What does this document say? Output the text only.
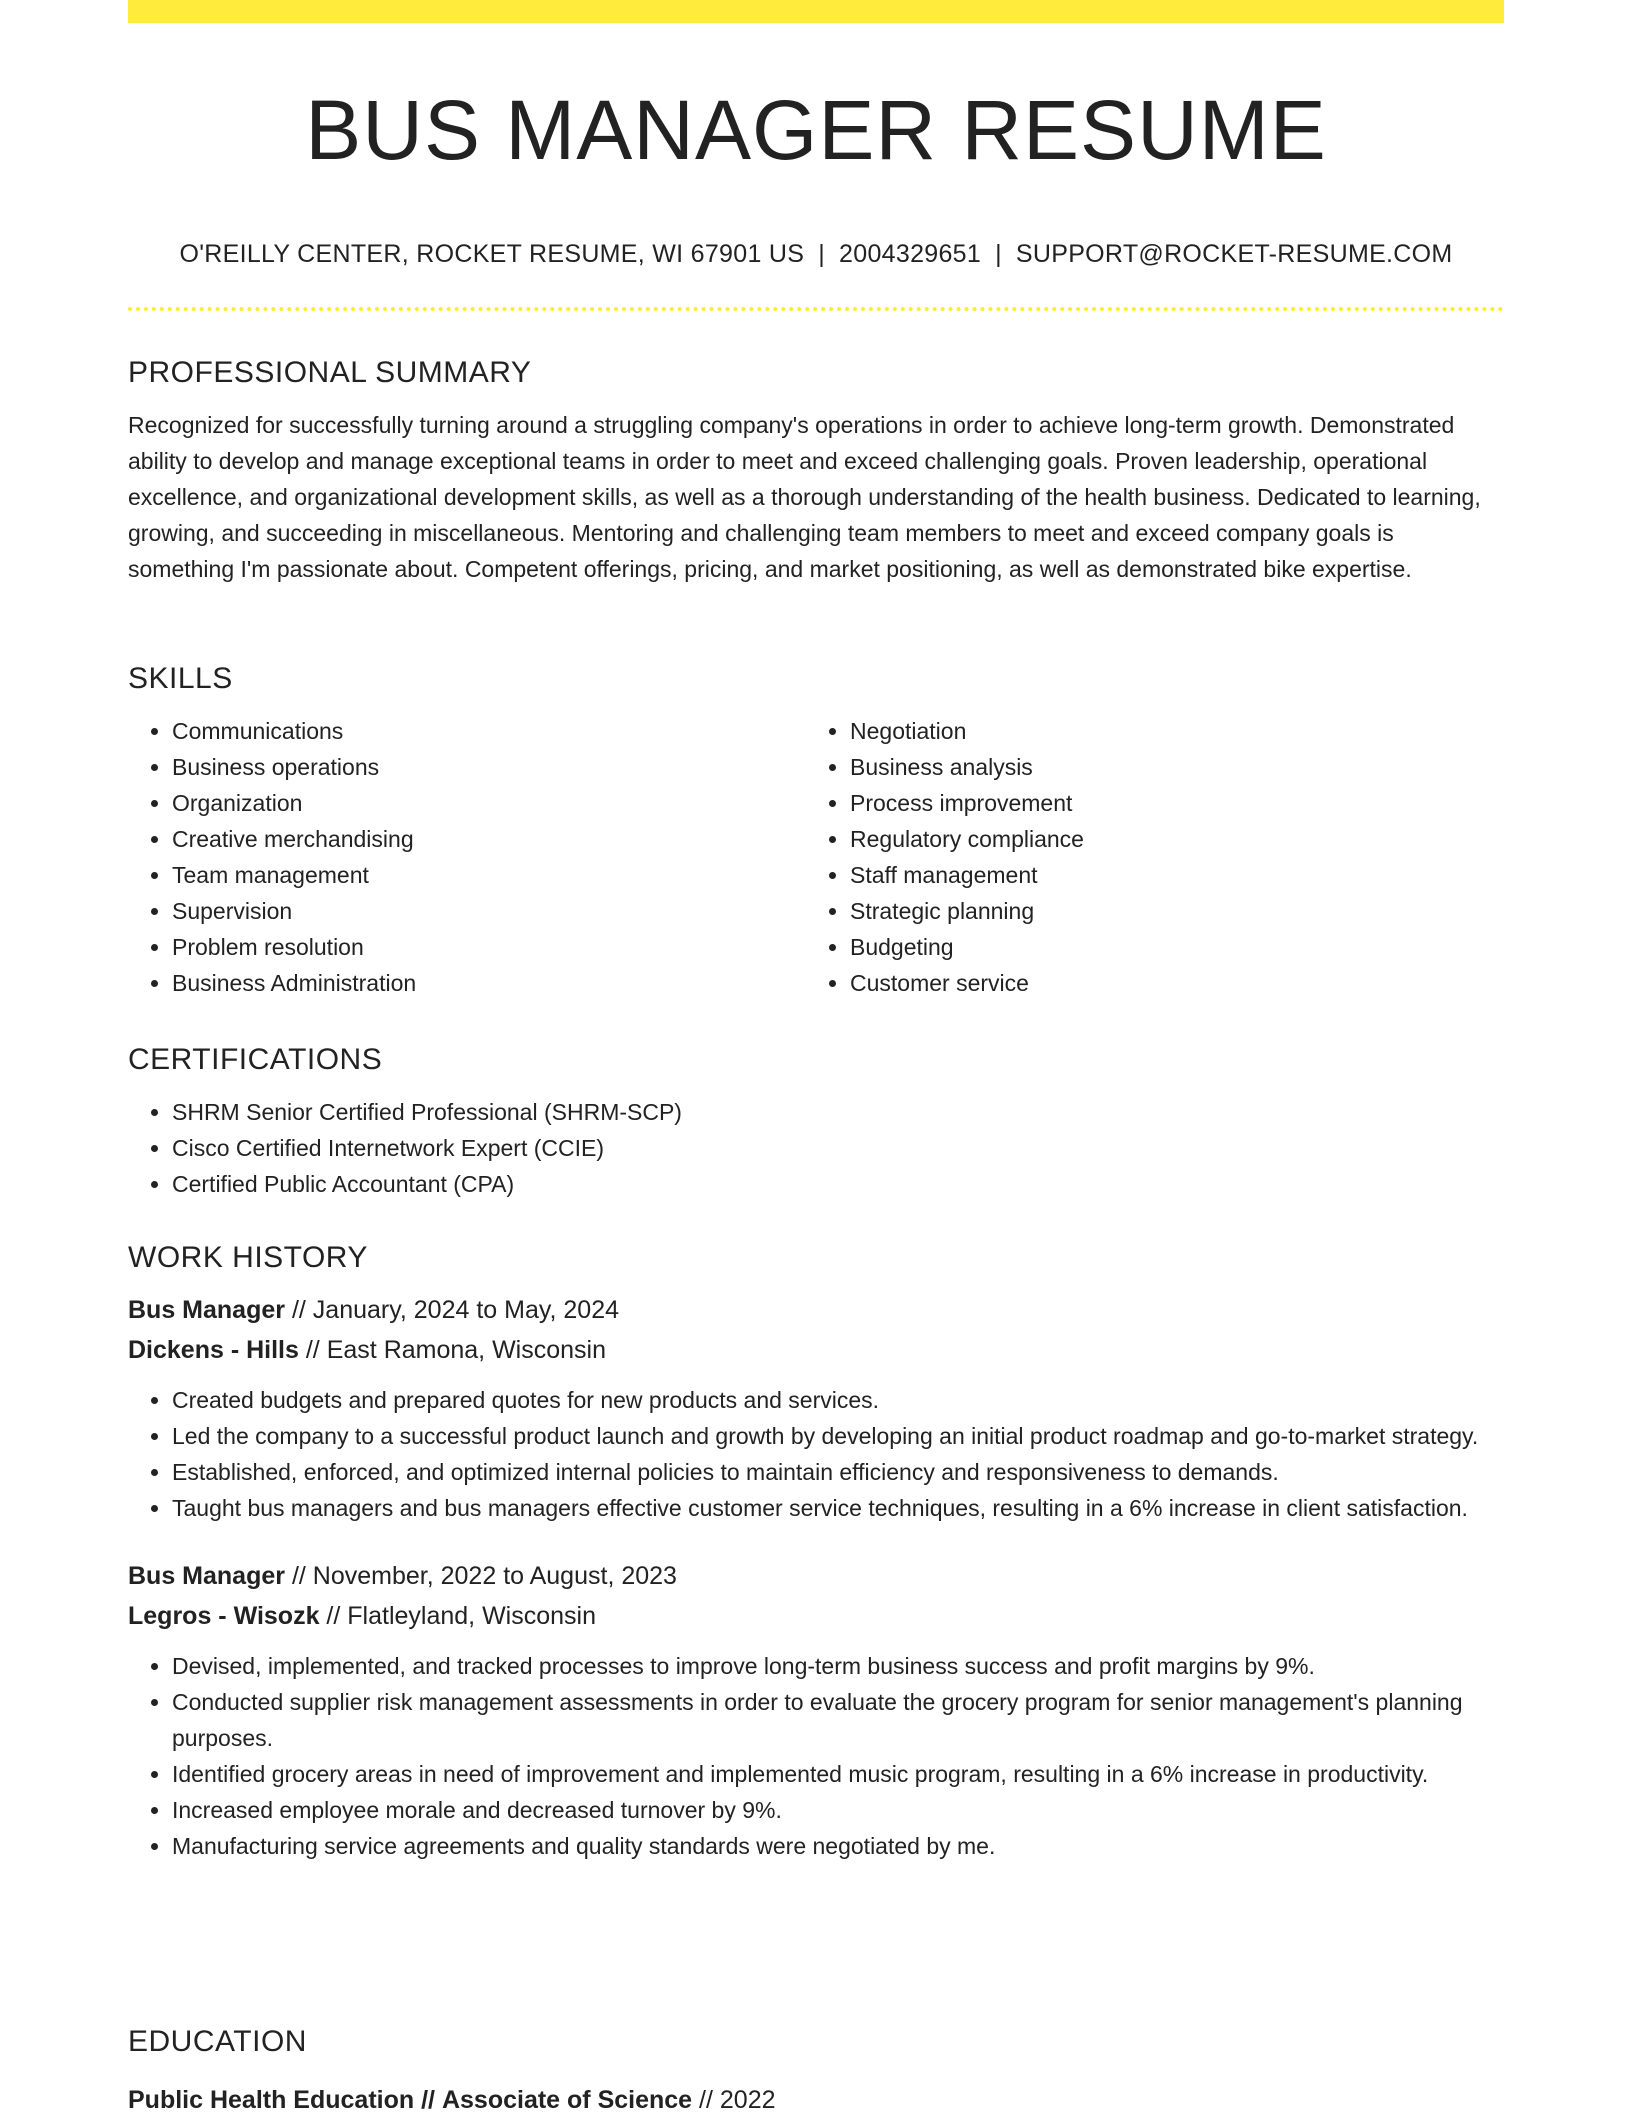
BUS MANAGER RESUME
O'REILLY CENTER, ROCKET RESUME, WI 67901 US | 2004329651 | SUPPORT@ROCKET-RESUME.COM
PROFESSIONAL SUMMARY

Recognized for successfully turning around a struggling company's operations in order to achieve long-term growth. Demonstrated ability to develop and manage exceptional teams in order to meet and exceed challenging goals. Proven leadership, operational excellence, and organizational development skills, as well as a thorough understanding of the health business. Dedicated to learning, growing, and succeeding in miscellaneous. Mentoring and challenging team members to meet and exceed company goals is something I'm passionate about. Competent offerings, pricing, and market positioning, as well as demonstrated bike expertise.

SKILLS
• Communications
• Business operations
• Organization
• Creative merchandising
• Team management
• Supervision
• Problem resolution
• Business Administration
• Negotiation
• Business analysis
• Process improvement
• Regulatory compliance
• Staff management
• Strategic planning
• Budgeting
• Customer service
CERTIFICATIONS
• SHRM Senior Certified Professional (SHRM-SCP)
• Cisco Certified Internetwork Expert (CCIE)
• Certified Public Accountant (CPA)
WORK HISTORY
Bus Manager // January, 2024 to May, 2024
Dickens - Hills // East Ramona, Wisconsin
• Created budgets and prepared quotes for new products and services.
• Led the company to a successful product launch and growth by developing an initial product roadmap and go-to-market strategy.
• Established, enforced, and optimized internal policies to maintain efficiency and responsiveness to demands.
• Taught bus managers and bus managers effective customer service techniques, resulting in a 6% increase in client satisfaction.
Bus Manager // November, 2022 to August, 2023
Legros - Wisozk // Flatleyland, Wisconsin
• Devised, implemented, and tracked processes to improve long-term business success and profit margins by 9%.
• Conducted supplier risk management assessments in order to evaluate the grocery program for senior management's planning purposes.
• Identified grocery areas in need of improvement and implemented music program, resulting in a 6% increase in productivity.
• Increased employee morale and decreased turnover by 9%.
• Manufacturing service agreements and quality standards were negotiated by me.
EDUCATION
Public Health Education // Associate of Science // 2022
